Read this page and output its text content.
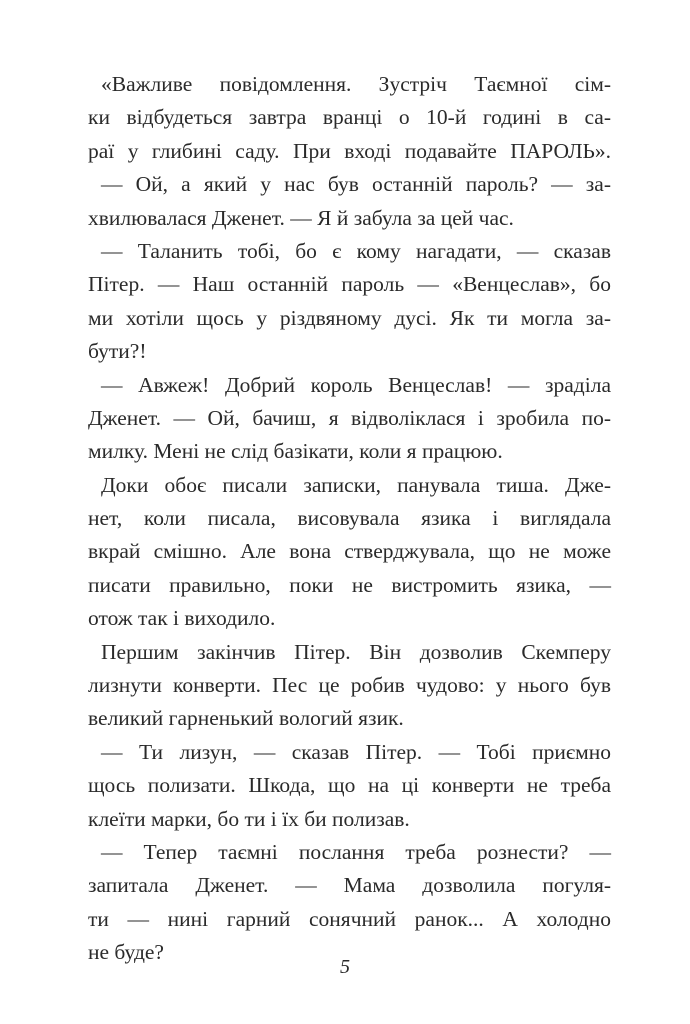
«Важливе повідомлення. Зустріч Таємної сім-
ки відбудеться завтра вранці о 10-й годині в са-
раї у глибині саду. При вході подавайте ПАРОЛЬ».
— Ой, а який у нас був останній пароль? — за-
хвилювалася Дженет. — Я й забула за цей час.
— Таланить тобі, бо є кому нагадати, — сказав
Пітер. — Наш останній пароль — «Венцеслав», бо
ми хотіли щось у різдвяному дусі. Як ти могла за-
бути?!
— Авжеж! Добрий король Венцеслав! — зраділа
Дженет. — Ой, бачиш, я відволіклася і зробила по-
милку. Мені не слід базікати, коли я працюю.
Доки обоє писали записки, панувала тиша. Дже-
нет, коли писала, висовувала язика і виглядала
вкрай смішно. Але вона стверджувала, що не може
писати правильно, поки не вистромить язика, —
отож так і виходило.
Першим закінчив Пітер. Він дозволив Скемперу
лизнути конверти. Пес це робив чудово: у нього був
великий гарненький вологий язик.
— Ти лизун, — сказав Пітер. — Тобі приємно
щось полизати. Шкода, що на ці конверти не треба
клеїти марки, бо ти і їх би полизав.
— Тепер таємні послання треба рознести? —
запитала Дженет. — Мама дозволила погуля-
ти — нині гарний сонячний ранок... А холодно
не буде?
5
